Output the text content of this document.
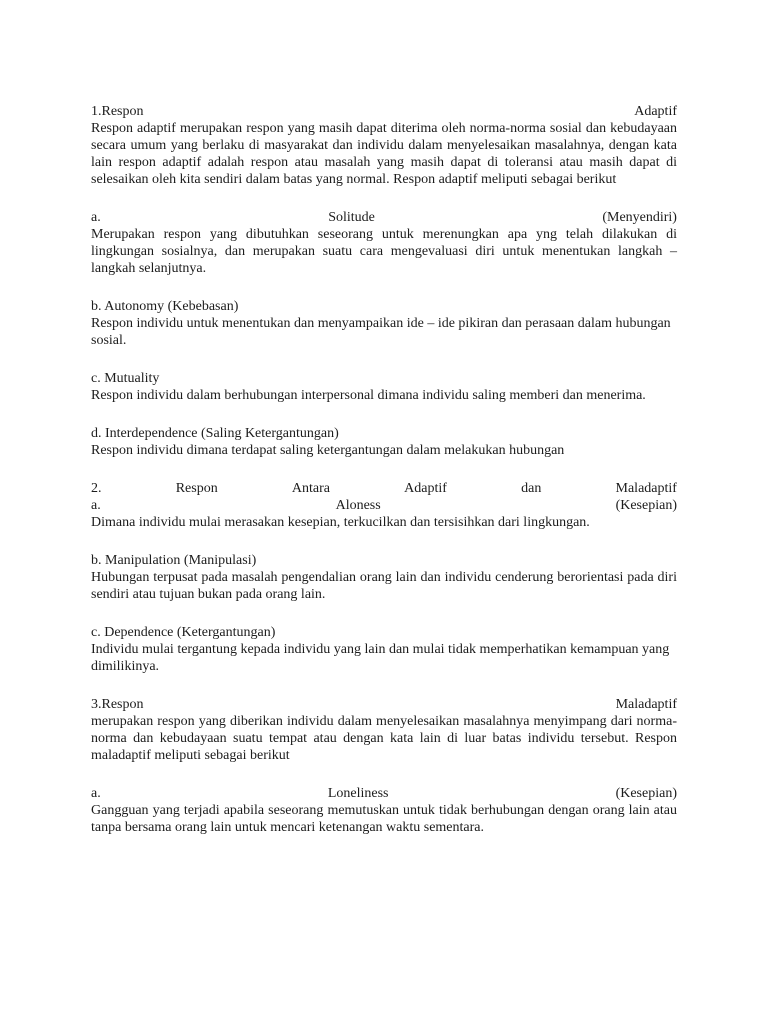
1.Respon	Adaptif
Respon adaptif merupakan respon yang masih dapat diterima oleh norma-norma sosial dan kebudayaan secara umum yang berlaku di masyarakat dan individu dalam menyelesaikan masalahnya, dengan kata lain respon adaptif adalah respon atau masalah yang masih dapat di toleransi atau masih dapat di selesaikan oleh kita sendiri dalam batas yang normal. Respon adaptif meliputi sebagai berikut
a.	Solitude	(Menyendiri)
Merupakan respon yang dibutuhkan seseorang untuk merenungkan apa yng telah dilakukan di lingkungan sosialnya, dan merupakan suatu cara mengevaluasi diri untuk menentukan langkah – langkah selanjutnya.
b. Autonomy (Kebebasan)
Respon individu untuk menentukan dan menyampaikan ide – ide pikiran dan perasaan dalam hubungan sosial.
c. Mutuality
Respon individu dalam berhubungan interpersonal dimana individu saling memberi dan menerima.
d. Interdependence (Saling Ketergantungan)
Respon individu dimana terdapat saling ketergantungan dalam melakukan hubungan
2.	Respon	Antara	Adaptif	dan	Maladaptif
a.	Aloness	(Kesepian)
Dimana individu mulai merasakan kesepian, terkucilkan dan tersisihkan dari lingkungan.
b. Manipulation (Manipulasi)
Hubungan terpusat pada masalah pengendalian orang lain dan individu cenderung berorientasi pada diri sendiri atau tujuan bukan pada orang lain.
c. Dependence (Ketergantungan)
Individu mulai tergantung kepada individu yang lain dan mulai tidak memperhatikan kemampuan yang dimilikinya.
3.Respon	Maladaptif
merupakan respon yang diberikan individu dalam menyelesaikan masalahnya menyimpang dari norma- norma dan kebudayaan suatu tempat atau dengan kata lain di luar batas individu tersebut. Respon maladaptif meliputi sebagai berikut
a.	Loneliness	(Kesepian)
Gangguan yang terjadi apabila seseorang memutuskan untuk tidak berhubungan dengan orang lain atau tanpa bersama orang lain untuk mencari ketenangan waktu sementara.
